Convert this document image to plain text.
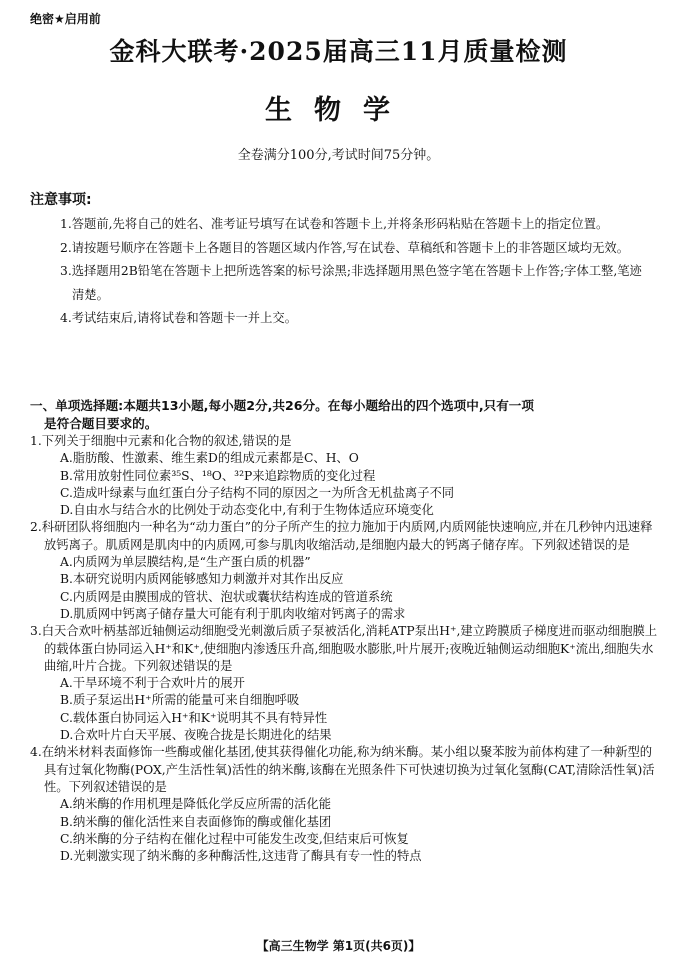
绝密★启用前
金科大联考·2025届高三11月质量检测
生物学
全卷满分100分,考试时间75分钟。
注意事项:

1.答题前,先将自己的姓名、准考证号填写在试卷和答题卡上,并将条形码粘贴在答题卡上的指定位置。

2.请按题号顺序在答题卡上各题目的答题区域内作答,写在试卷、草稿纸和答题卡上的非答题区域均无效。

3.选择题用2B铅笔在答题卡上把所选答案的标号涂黑;非选择题用黑色签字笔在答题卡上作答;字体工整,笔迹清楚。

4.考试结束后,请将试卷和答题卡一并上交。

一、单项选择题:本题共13小题,每小题2分,共26分。在每小题给出的四个选项中,只有一项
是符合题目要求的。

1.下列关于细胞中元素和化合物的叙述,错误的是

A.脂肪酸、性激素、维生素D的组成元素都是C、H、O

B.常用放射性同位素³⁵S、¹⁸O、³²P来追踪物质的变化过程

C.造成叶绿素与血红蛋白分子结构不同的原因之一为所含无机盐离子不同

D.自由水与结合水的比例处于动态变化中,有利于生物体适应环境变化

2.科研团队将细胞内一种名为“动力蛋白”的分子所产生的拉力施加于内质网,内质网能快速响应,并在几秒钟内迅速释放钙离子。肌质网是肌肉中的内质网,可参与肌肉收缩活动,是细胞内最大的钙离子储存库。下列叙述错误的是

A.内质网为单层膜结构,是“生产蛋白质的机器”

B.本研究说明内质网能够感知力刺激并对其作出反应

C.内质网是由膜围成的管状、泡状或囊状结构连成的管道系统

D.肌质网中钙离子储存量大可能有利于肌肉收缩对钙离子的需求

3.白天合欢叶柄基部近轴侧运动细胞受光刺激后质子泵被活化,消耗ATP泵出H⁺,建立跨膜质子梯度进而驱动细胞膜上的载体蛋白协同运入H⁺和K⁺,使细胞内渗透压升高,细胞吸水膨胀,叶片展开;夜晚近轴侧运动细胞K⁺流出,细胞失水曲缩,叶片合拢。下列叙述错误的是

A.干旱环境不利于合欢叶片的展开

B.质子泵运出H⁺所需的能量可来自细胞呼吸

C.载体蛋白协同运入H⁺和K⁺说明其不具有特异性

D.合欢叶片白天平展、夜晚合拢是长期进化的结果

4.在纳米材料表面修饰一些酶或催化基团,使其获得催化功能,称为纳米酶。某小组以聚苯胺为前体构建了一种新型的具有过氧化物酶(POX,产生活性氧)活性的纳米酶,该酶在光照条件下可快速切换为过氧化氢酶(CAT,清除活性氧)活性。下列叙述错误的是

A.纳米酶的作用机理是降低化学反应所需的活化能

B.纳米酶的催化活性来自表面修饰的酶或催化基团

C.纳米酶的分子结构在催化过程中可能发生改变,但结束后可恢复

D.光刺激实现了纳米酶的多种酶活性,这违背了酶具有专一性的特点

【高三生物学 第1页(共6页)】
